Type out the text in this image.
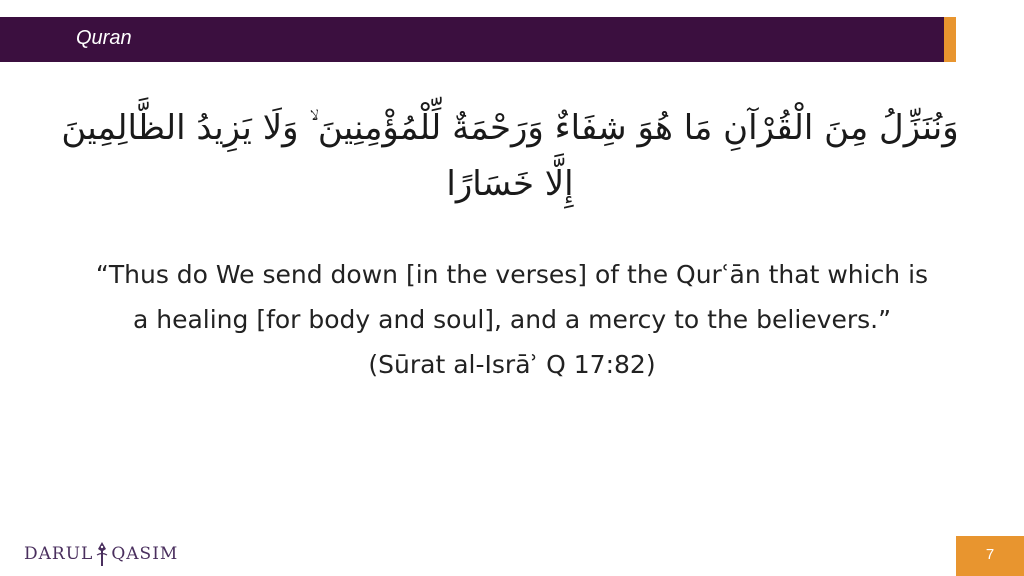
Quran
وَنُنَزِّلُ مِنَ الْقُرْآنِ مَا هُوَ شِفَاءٌ وَرَحْمَةٌ لِّلْمُؤْمِنِينَ ۙ وَلَا يَزِيدُ الظَّالِمِينَ إِلَّا خَسَارًا
“Thus do We send down [in the verses] of the Qurʿān that which is
a healing [for body and soul], and a mercy to the believers.”
(Sūrat al-Isrāʾ Q 17:82)
DARUL QASIM	7
